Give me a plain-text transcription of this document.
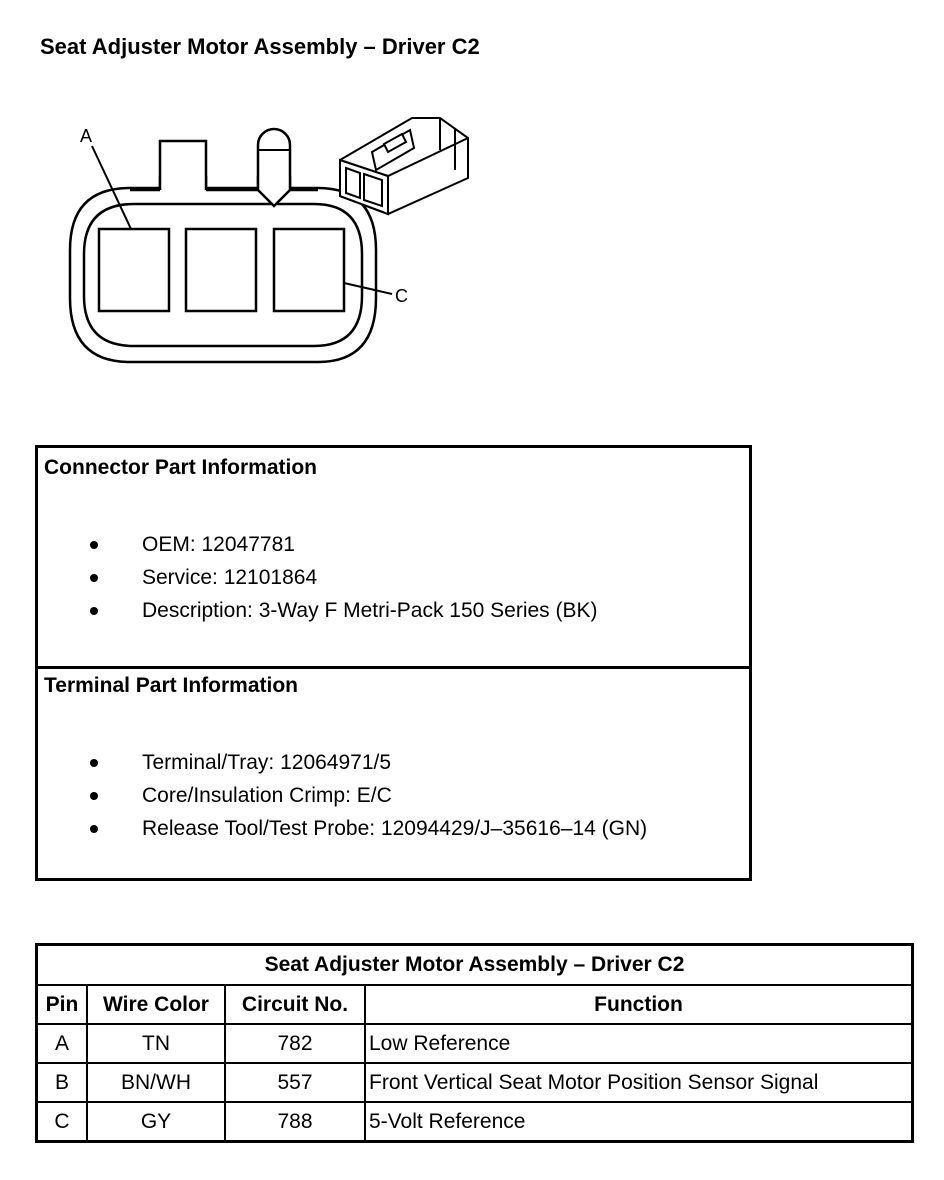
Seat Adjuster Motor Assembly – Driver C2
A
C
Connector Part Information
OEM: 12047781
Service: 12101864
Description: 3-Way F Metri-Pack 150 Series (BK)
Terminal Part Information
Terminal/Tray: 12064971/5
Core/Insulation Crimp: E/C
Release Tool/Test Probe: 12094429/J–35616–14 (GN)
Seat Adjuster Motor Assembly – Driver C2			
Pin	Wire Color	Circuit No.	Function
A	TN	782	Low Reference
B	BN/WH	557	Front Vertical Seat Motor Position Sensor Signal
C	GY	788	5-Volt Reference
